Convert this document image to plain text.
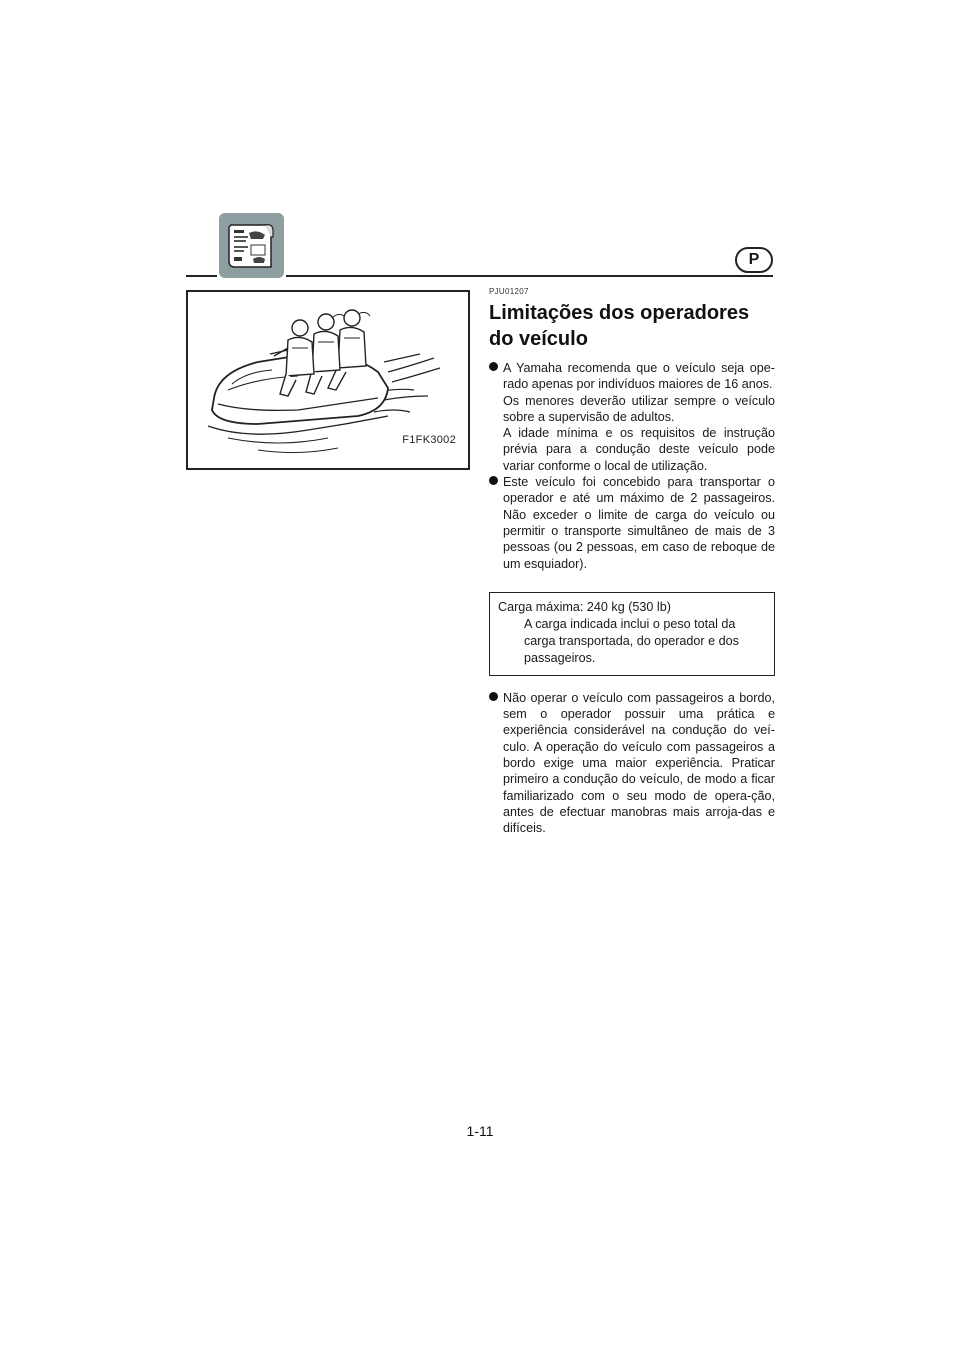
P
F1FK3002
PJU01207
Limitações dos operadores do veículo

A Yamaha recomenda que o veículo seja ope-rado apenas por indivíduos maiores de 16 anos.

Os menores deverão utilizar sempre o veículo sobre a supervisão de adultos.

A idade mínima e os requisitos de instrução prévia para a condução deste veículo pode variar conforme o local de utilização.

Este veículo foi concebido para transportar o operador e até um máximo de 2 passageiros. Não exceder o limite de carga do veículo ou permitir o transporte simultâneo de mais de 3 pessoas (ou 2 pessoas, em caso de reboque de um esquiador).

Carga máxima: 240 kg (530 lb)
A carga indicada inclui o peso total da carga transportada, do operador e dos passageiros.

Não operar o veículo com passageiros a bordo, sem o operador possuir uma prática e experiência considerável na condução do veí-culo. A operação do veículo com passageiros a bordo exige uma maior experiência. Praticar primeiro a condução do veículo, de modo a ficar familiarizado com o seu modo de opera-ção, antes de efectuar manobras mais arroja-das e difíceis.

1-11
